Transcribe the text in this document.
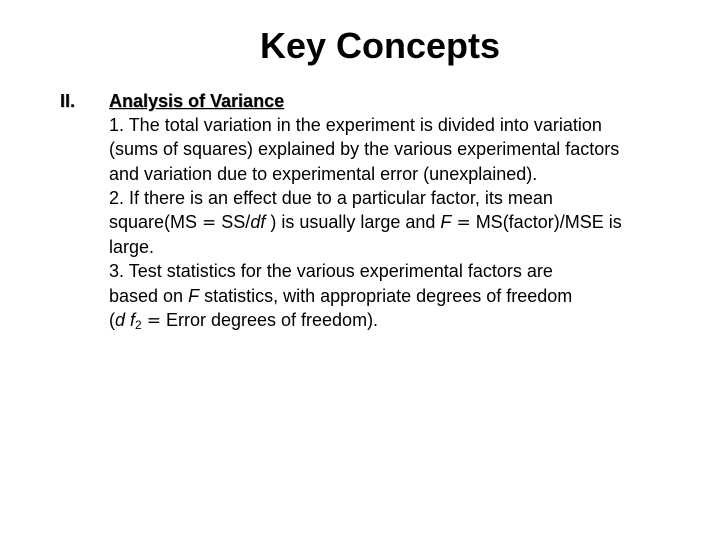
Key Concepts
II. Analysis of Variance
1. The total variation in the experiment is divided into variation
(sums of squares) explained by the various experimental factors
and variation due to experimental error (unexplained).
2. If there is an effect due to a particular factor, its mean
square(MS = SS/df ) is usually large and F = MS(factor)/MSE is
large.
3. Test statistics for the various experimental factors are
based on F statistics, with appropriate degrees of freedom
(d $f_2$ = Error degrees of freedom).
